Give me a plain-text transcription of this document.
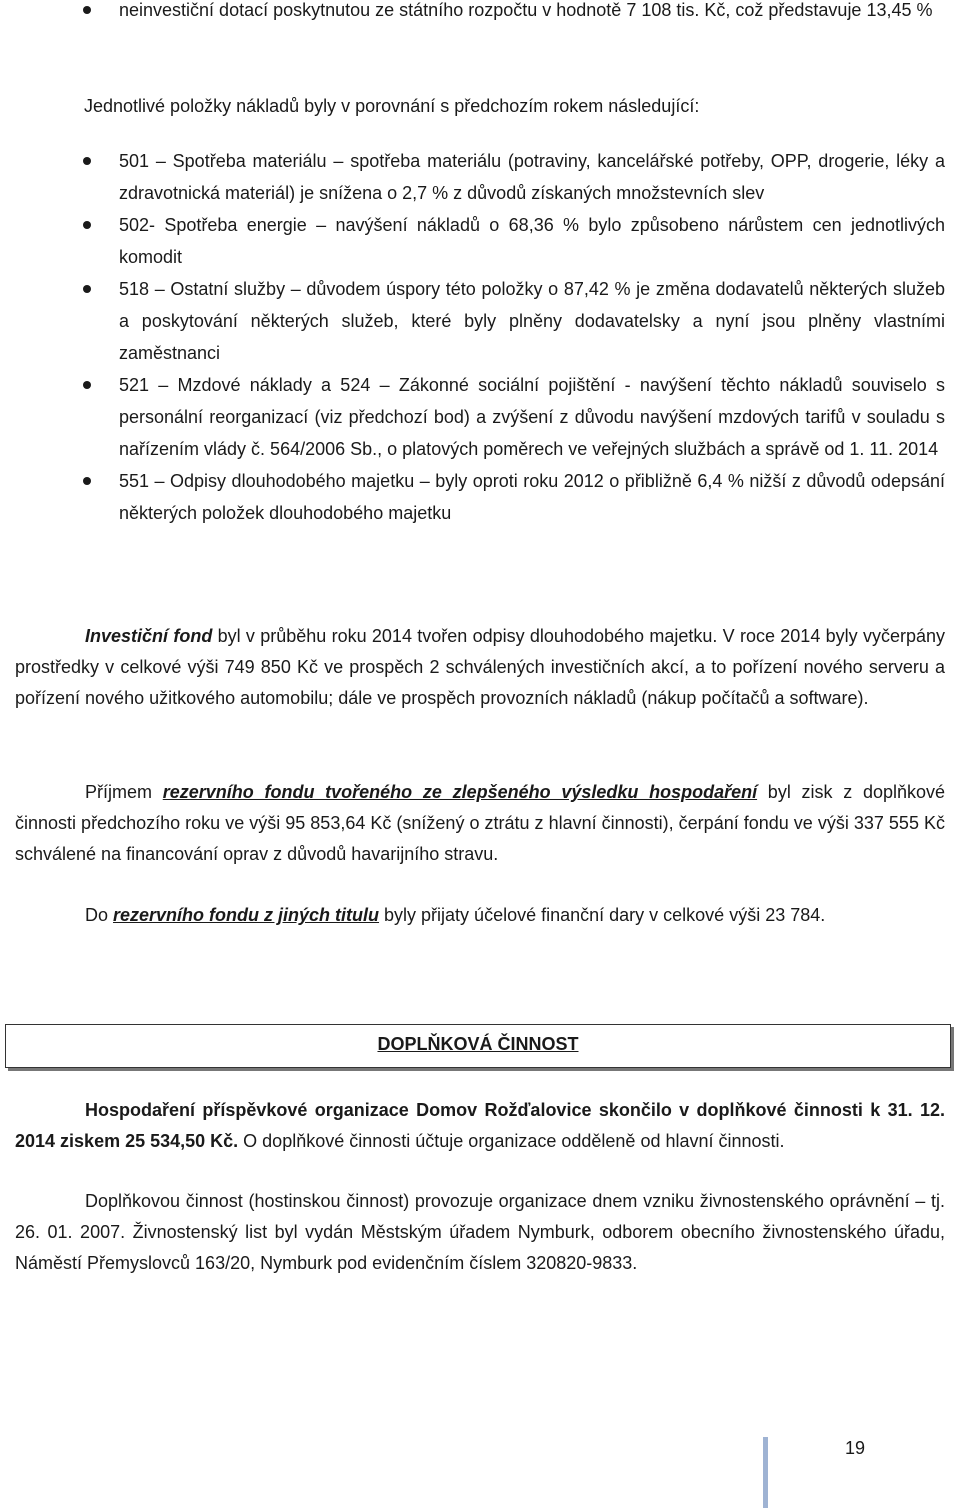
neinvestiční dotací poskytnutou ze státního rozpočtu v hodnotě 7 108 tis. Kč, což představuje 13,45 %

Jednotlivé položky nákladů byly v porovnání s předchozím rokem následující:

501 – Spotřeba materiálu – spotřeba materiálu (potraviny, kancelářské potřeby, OPP, drogerie, léky a zdravotnická materiál) je snížena o 2,7 % z důvodů získaných množstevních slev
502- Spotřeba energie – navýšení nákladů o 68,36 % bylo způsobeno nárůstem cen jednotlivých komodit
518 – Ostatní služby – důvodem úspory této položky o 87,42 % je změna dodavatelů některých služeb a poskytování některých služeb, které byly plněny dodavatelsky a nyní jsou plněny vlastními zaměstnanci
521 – Mzdové náklady a 524 – Zákonné sociální pojištění - navýšení těchto nákladů souviselo s personální reorganizací (viz předchozí bod) a zvýšení z důvodu navýšení mzdových tarifů v souladu s nařízením vlády č. 564/2006 Sb., o platových poměrech ve veřejných službách a správě od 1. 11. 2014
551 – Odpisy dlouhodobého majetku – byly oproti roku 2012 o přibližně 6,4 % nižší z důvodů odepsání některých položek dlouhodobého majetku

Investiční fond byl v průběhu roku 2014 tvořen odpisy dlouhodobého majetku. V roce 2014 byly vyčerpány prostředky v celkové výši 749 850 Kč ve prospěch 2 schválených investičních akcí, a to pořízení nového serveru a pořízení nového užitkového automobilu; dále ve prospěch provozních nákladů (nákup počítačů a software).

Příjmem rezervního fondu tvořeného ze zlepšeného výsledku hospodaření byl zisk z doplňkové činnosti předchozího roku ve výši 95 853,64 Kč (snížený o ztrátu z hlavní činnosti), čerpání fondu ve výši 337 555 Kč schválené na financování oprav z důvodů havarijního stravu.

Do rezervního fondu z jiných titulu byly přijaty účelové finanční dary v celkové výši 23 784.

DOPLŇKOVÁ ČINNOST

Hospodaření příspěvkové organizace Domov Rožďalovice skončilo v doplňkové činnosti k 31. 12. 2014 ziskem 25 534,50 Kč. O doplňkové činnosti účtuje organizace odděleně od hlavní činnosti.

Doplňkovou činnost (hostinskou činnost) provozuje organizace dnem vzniku živnostenského oprávnění – tj. 26. 01. 2007. Živnostenský list byl vydán Městským úřadem Nymburk, odborem obecního živnostenského úřadu, Náměstí Přemyslovců 163/20, Nymburk pod evidenčním číslem 320820-9833.

19
